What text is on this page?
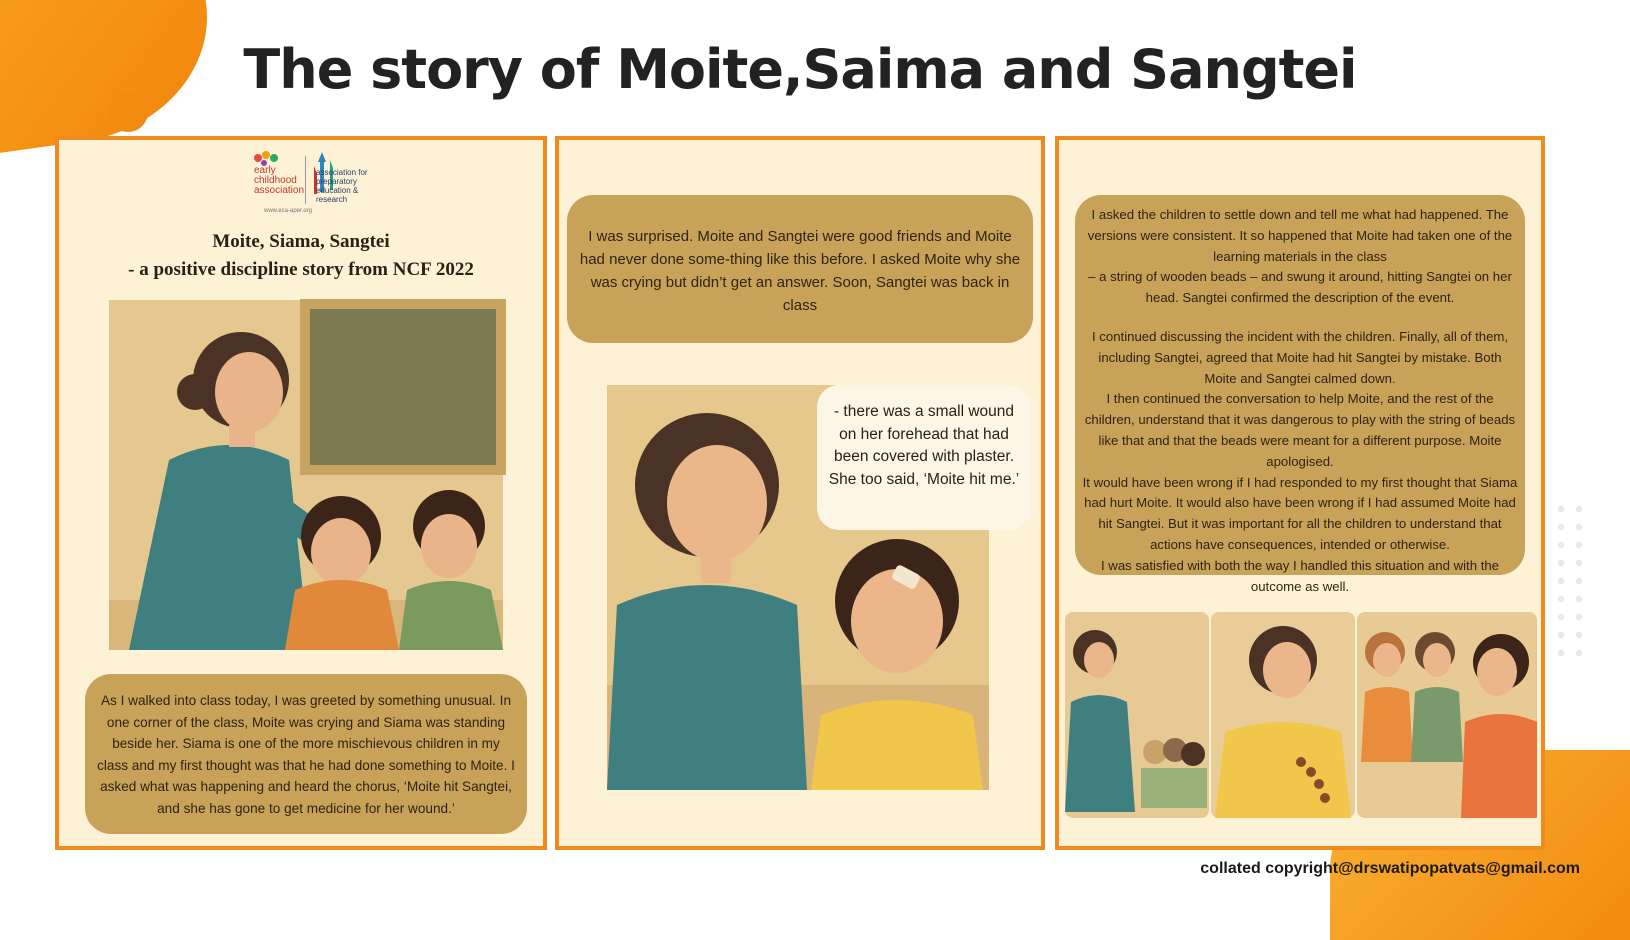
The story of Moite,Saima and Sangtei
early childhood association
association for preparatory education & research
www.eca-aper.org
Moite, Siama, Sangtei
- a positive discipline story from NCF 2022
As I walked into class today, I was greeted by something unusual. In one corner of the class, Moite was crying and Siama was standing beside her. Siama is one of the more mischievous children in my class and my first thought was that he had done something to Moite. I asked what was happening and heard the chorus, ‘Moite hit Sangtei, and she has gone to get medicine for her wound.’
I was surprised. Moite and Sangtei were good friends and Moite had never done some-thing like this before. I asked Moite why she was crying but didn’t get an answer. Soon, Sangtei was back in class
- there was a small wound on her forehead that had been covered with plaster. She too said, ‘Moite hit me.’

I asked the children to settle down and tell me what had happened. The versions were consistent. It so happened that Moite had taken one of the learning materials in the class

– a string of wooden beads – and swung it around, hitting Sangtei on her head. Sangtei confirmed the description of the event.

I continued discussing the incident with the children. Finally, all of them, including Sangtei, agreed that Moite had hit Sangtei by mistake. Both Moite and Sangtei calmed down.

I then continued the conversation to help Moite, and the rest of the children, understand that it was dangerous to play with the string of beads like that and that the beads were meant for a different purpose. Moite apologised.

It would have been wrong if I had responded to my first thought that Siama had hurt Moite. It would also have been wrong if I had assumed Moite had hit Sangtei. But it was important for all the children to understand that actions have consequences, intended or otherwise.

I was satisfied with both the way I handled this situation and with the outcome as well.

collated copyright@drswatipopatvats@gmail.com
